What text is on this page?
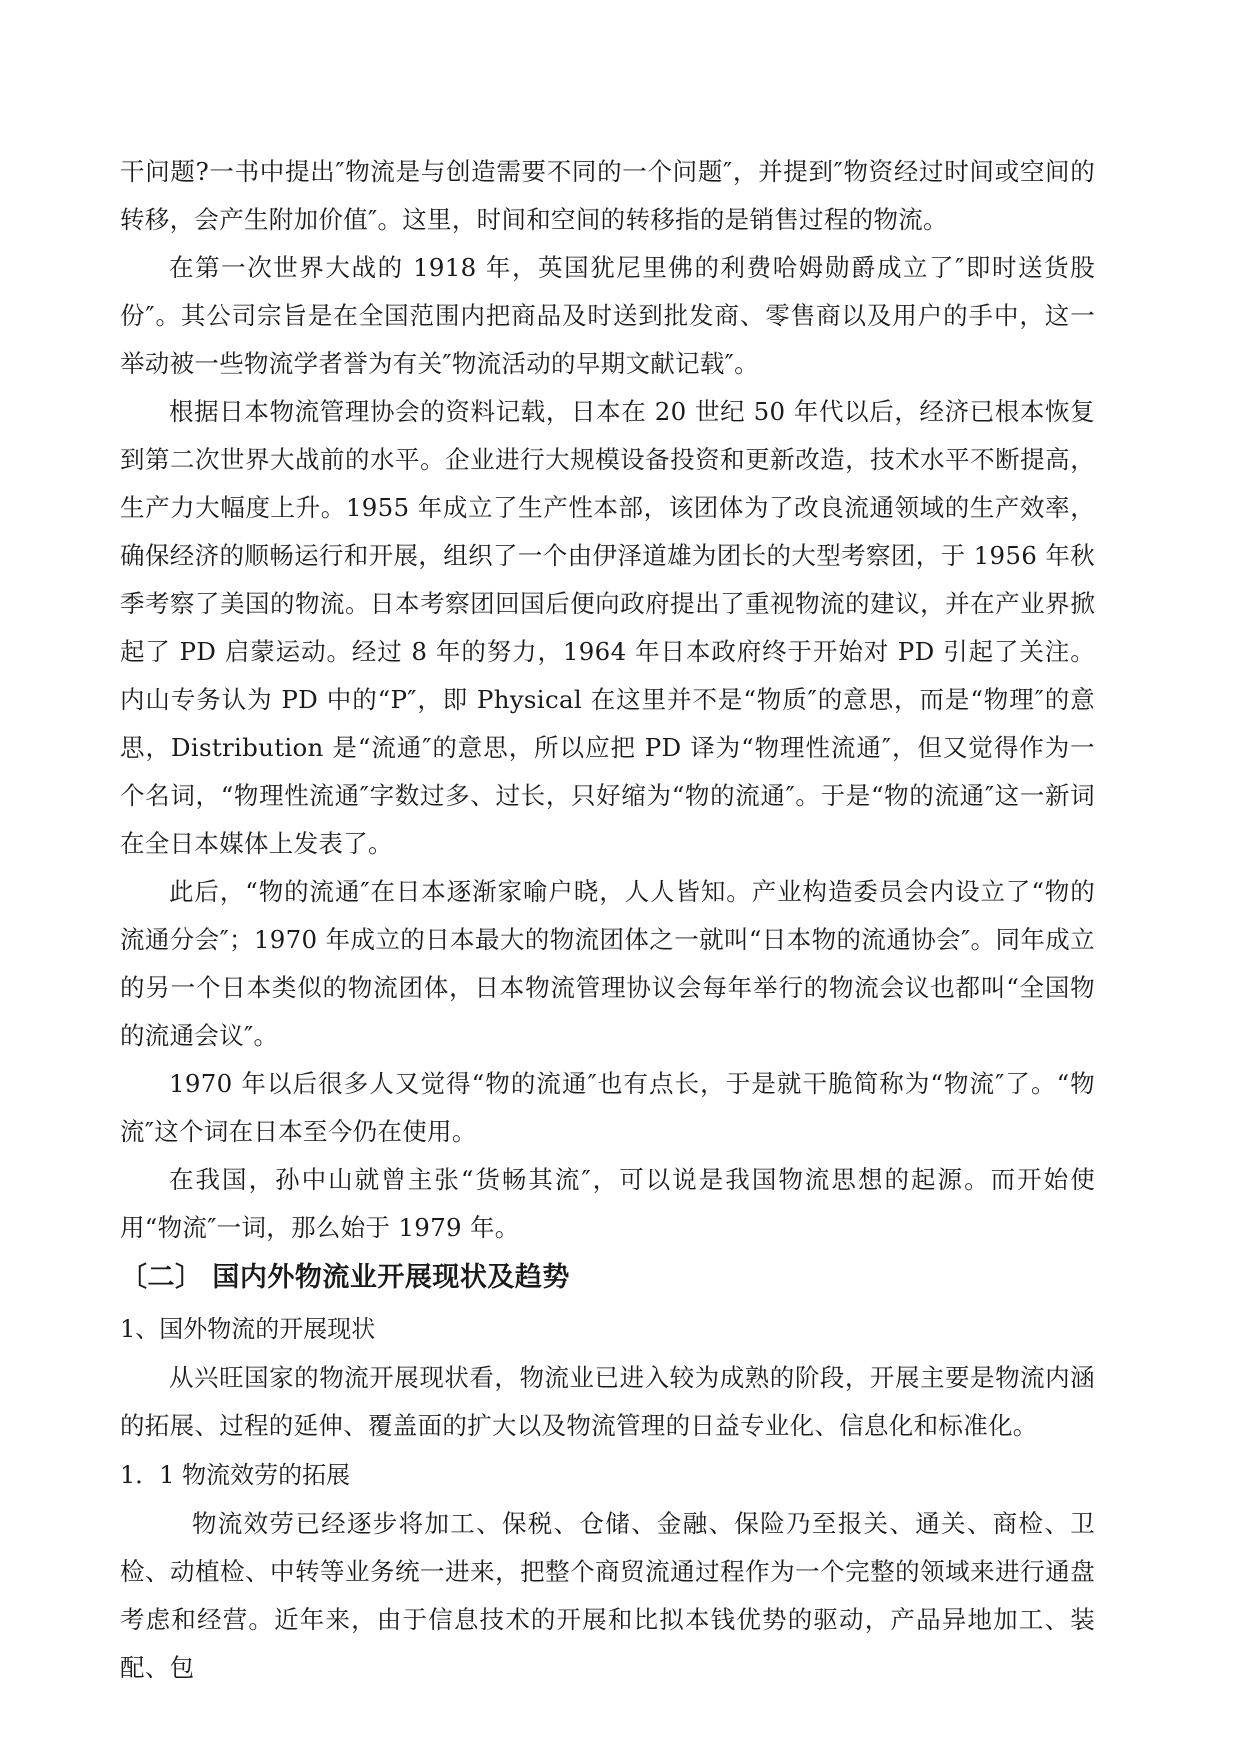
干问题?一书中提出″物流是与创造需要不同的一个问题″，并提到″物资经过时间或空间的转移，会产生附加价值″。这里，时间和空间的转移指的是销售过程的物流。

在第一次世界大战的 1918 年，英国犹尼里佛的利费哈姆勋爵成立了″即时送货股份″。其公司宗旨是在全国范围内把商品及时送到批发商、零售商以及用户的手中，这一举动被一些物流学者誉为有关″物流活动的早期文献记载″。

根据日本物流管理协会的资料记载，日本在 20 世纪 50 年代以后，经济已根本恢复到第二次世界大战前的水平。企业进行大规模设备投资和更新改造，技术水平不断提高，生产力大幅度上升。1955 年成立了生产性本部，该团体为了改良流通领域的生产效率，确保经济的顺畅运行和开展，组织了一个由伊泽道雄为团长的大型考察团，于 1956 年秋季考察了美国的物流。日本考察团回国后便向政府提出了重视物流的建议，并在产业界掀起了 PD 启蒙运动。经过 8 年的努力，1964 年日本政府终于开始对 PD 引起了关注。内山专务认为 PD 中的“P″，即 Physical 在这里并不是“物质″的意思，而是“物理″的意思，Distribution 是“流通″的意思，所以应把 PD 译为“物理性流通″，但又觉得作为一个名词，“物理性流通″字数过多、过长，只好缩为“物的流通″。于是“物的流通″这一新词在全日本媒体上发表了。

此后，“物的流通″在日本逐渐家喻户晓，人人皆知。产业构造委员会内设立了“物的流通分会″；1970 年成立的日本最大的物流团体之一就叫“日本物的流通协会″。同年成立的另一个日本类似的物流团体，日本物流管理协议会每年举行的物流会议也都叫“全国物的流通会议″。

1970 年以后很多人又觉得“物的流通″也有点长，于是就干脆简称为“物流″了。“物流″这个词在日本至今仍在使用。

在我国，孙中山就曾主张“货畅其流″，可以说是我国物流思想的起源。而开始使用“物流″一词，那么始于 1979 年。

〔二〕 国内外物流业开展现状及趋势

1、国外物流的开展现状

从兴旺国家的物流开展现状看，物流业已进入较为成熟的阶段，开展主要是物流内涵的拓展、过程的延伸、覆盖面的扩大以及物流管理的日益专业化、信息化和标准化。

1．1 物流效劳的拓展

物流效劳已经逐步将加工、保税、仓储、金融、保险乃至报关、通关、商检、卫检、动植检、中转等业务统一进来，把整个商贸流通过程作为一个完整的领域来进行通盘考虑和经营。近年来，由于信息技术的开展和比拟本钱优势的驱动，产品异地加工、装配、包
